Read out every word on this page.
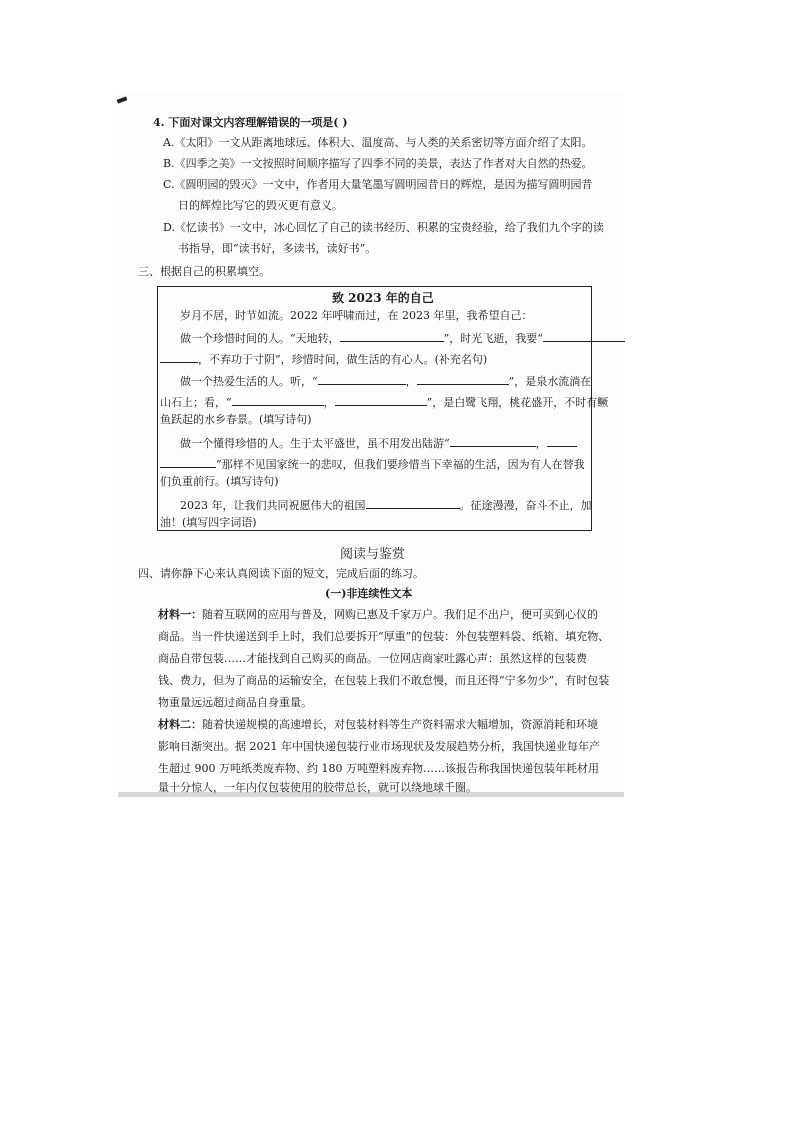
4. 下面对课文内容理解错误的一项是( )
A.《太阳》一文从距离地球远、体积大、温度高、与人类的关系密切等方面介绍了太阳。
B.《四季之美》一文按照时间顺序描写了四季不同的美景，表达了作者对大自然的热爱。
C.《圆明园的毁灭》一文中，作者用大量笔墨写圆明园昔日的辉煌，是因为描写圆明园昔
日的辉煌比写它的毁灭更有意义。
D.《忆读书》一文中，冰心回忆了自己的读书经历、积累的宝贵经验，给了我们九个字的读
书指导，即“读书好，多读书，读好书”。
三、根据自己的积累填空。
致 2023 年的自己
岁月不居，时节如流。2022 年呼啸而过，在 2023 年里，我希望自己：
做一个珍惜时间的人。“天地转，	”，时光飞逝，我要“
，不弃功于寸阴”，珍惜时间，做生活的有心人。(补充名句)
做一个热爱生活的人。听，“	，	”，是泉水流淌在
山石上；看，“	，	”，是白鹭飞翔，桃花盛开，不时有鳜
鱼跃起的水乡春景。(填写诗句)
做一个懂得珍惜的人。生于太平盛世，虽不用发出陆游“	，
”那样不见国家统一的悲叹，但我们要珍惜当下幸福的生活，因为有人在替我
们负重前行。(填写诗句)
2023 年，让我们共同祝愿伟大的祖国	。征途漫漫，奋斗不止，加
油！(填写四字词语)
阅读与鉴赏
四、请你静下心来认真阅读下面的短文，完成后面的练习。
(一)非连续性文本
材料一：随着互联网的应用与普及，网购已惠及千家万户。我们足不出户，便可买到心仪的
商品。当一件快递送到手上时，我们总要拆开“厚重”的包装：外包装塑料袋、纸箱、填充物、
商品自带包装……才能找到自己购买的商品。一位网店商家吐露心声：虽然这样的包装费
钱、费力，但为了商品的运输安全，在包装上我们不敢怠慢，而且还得“宁多勿少”，有时包装
物重量远远超过商品自身重量。
材料二：随着快递规模的高速增长，对包装材料等生产资料需求大幅增加，资源消耗和环境
影响日渐突出。据 2021 年中国快递包装行业市场现状及发展趋势分析，我国快递业每年产
生超过 900 万吨纸类废弃物、约 180 万吨塑料废弃物……该报告称我国快递包装年耗材用
量十分惊人，一年内仅包装使用的胶带总长，就可以绕地球千圈。
